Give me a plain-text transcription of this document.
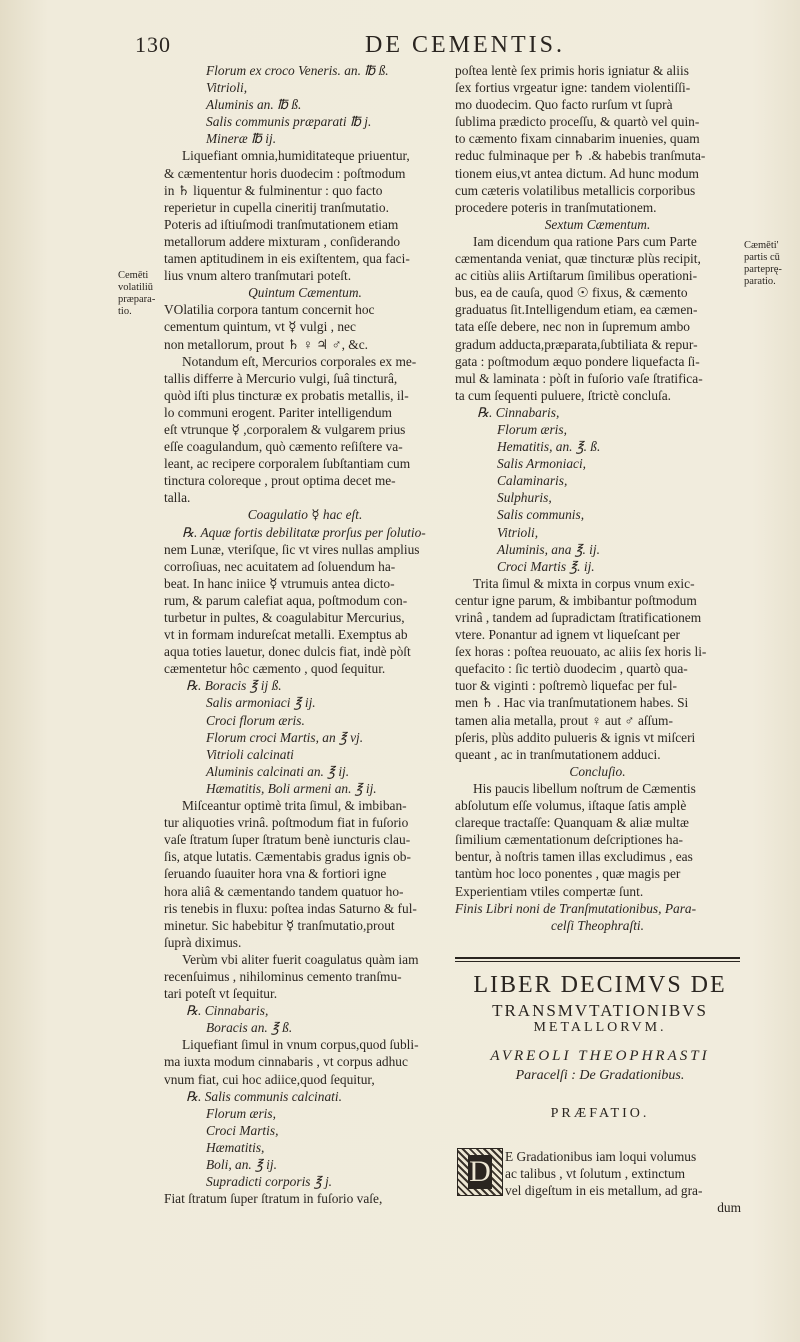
130	DE CEMENTIS.
Cemēti
volatiliū
præpara-
tio.
Cæmēti'
partis cū
parteprę-
paratio.
Florum ex croco Veneris. an. ℔ ß.
Vitrioli,
Aluminis an. ℔ ß.
Salis communis præparati ℔ j.
Mineræ ℔ ij.
Liquefiant omnia,humiditateque priuentur,
& cæmententur horis duodecim : poſtmodum
in ♄ liquentur & fulminentur : quo facto
reperietur in cupella cineritij tranſmutatio.
Poteris ad iſtiuſmodi tranſmutationem etiam
metallorum addere mixturam , conſiderando
tamen aptitudinem in eis exiſtentem, qua faci-
lius vnum altero tranſmutari poteſt.
Quintum Cæmentum.
VOlatilia corpora tantum concernit hoc
cementum quintum, vt ☿ vulgi , nec
non metallorum, prout ♄ ♀ ♃ ♂, &c.
Notandum eſt, Mercurios corporales ex me-
tallis differre à Mercurio vulgi, ſuâ tincturâ,
quòd iſti plus tincturæ ex probatis metallis, il-
lo communi erogent. Pariter intelligendum
eſt vtrunque ☿ ,corporalem & vulgarem prius
eſſe coagulandum, quò cæmento reſiſtere va-
leant, ac recipere corporalem ſubſtantiam cum
tinctura coloreque , prout optima decet me-
talla.
Coagulatio ☿ hac eſt.
℞. Aquæ fortis debilitatæ prorſus per ſolutio-
nem Lunæ, vteriſque, ſic vt vires nullas amplius
corroſiuas, nec acuitatem ad ſoluendum ha-
beat. In hanc iniice ☿ vtrumuis antea dicto-
rum, & parum calefiat aqua, poſtmodum con-
turbetur in pultes, & coagulabitur Mercurius,
vt in formam indureſcat metalli. Exemptus ab
aqua toties lauetur, donec dulcis fiat, indè pòſt
cæmentetur hôc cæmento , quod ſequitur.
℞. Boracis ℥ ij ß.
Salis armoniaci ℥ ij.
Croci florum æris.
Florum croci Martis, an ℥ vj.
Vitrioli calcinati
Aluminis calcinati an. ℥ ij.
Hæmatitis, Boli armeni an. ℥ ij.
Miſceantur optimè trita ſimul, & imbiban-
tur aliquoties vrinâ. poſtmodum fiat in fuſorio
vaſe ſtratum ſuper ſtratum benè iuncturis clau-
ſis, atque lutatis. Cæmentabis gradus ignis ob-
ſeruando ſuauiter hora vna & fortiori igne
hora aliâ & cæmentando tandem quatuor ho-
ris tenebis in fluxu: poſtea indas Saturno & ful-
minetur. Sic habebitur ☿ tranſmutatio,prout
ſuprà diximus.
Verùm vbi aliter fuerit coagulatus quàm iam
recenſuimus , nihilominus cemento tranſmu-
tari poteſt vt ſequitur.
℞. Cinnabaris,
Boracis an. ℥ ß.
Liquefiant ſimul in vnum corpus,quod ſubli-
ma iuxta modum cinnabaris , vt corpus adhuc
vnum fiat, cui hoc adiice,quod ſequitur,
℞. Salis communis calcinati.
Florum æris,
Croci Martis,
Hæmatitis,
Boli, an. ℥ ij.
Supradicti corporis ℥ j.
Fiat ſtratum ſuper ſtratum in fuſorio vaſe,
poſtea lentè ſex primis horis igniatur & aliis
ſex fortius vrgeatur igne: tandem violentiſſi-
mo duodecim. Quo facto rurſum vt ſuprà
ſublima prædicto proceſſu, & quartò vel quin-
to cæmento fixam cinnabarim inuenies, quam
reduc fulminaque per ♄ .& habebis tranſmuta-
tionem eius,vt antea dictum. Ad hunc modum
cum cæteris volatilibus metallicis corporibus
procedere poteris in tranſmutationem.
Sextum Cæmentum.
Iam dicendum qua ratione Pars cum Parte
cæmentanda veniat, quæ tincturæ plùs recipit,
ac citiùs aliis Artiſtarum ſimilibus operationi-
bus, ea de cauſa, quod ☉ fixus, & cæmento
graduatus ſit.Intelligendum etiam, ea cæmen-
tata eſſe debere, nec non in ſupremum ambo
gradum adducta,præparata,ſubtiliata & repur-
gata : poſtmodum æquo pondere liquefacta ſi-
mul & laminata : pòſt in fuſorio vaſe ſtratifica-
ta cum ſequenti puluere, ſtrictè concluſa.
℞. Cinnabaris,
Florum æris,
Hematitis, an. ℥. ß.
Salis Armoniaci,
Calaminaris,
Sulphuris,
Salis communis,
Vitrioli,
Aluminis, ana ℥. ij.
Croci Martis ℥. ij.
Trita ſimul & mixta in corpus vnum exic-
centur igne parum, & imbibantur poſtmodum
vrinâ , tandem ad ſupradictam ſtratificationem
vtere. Ponantur ad ignem vt liqueſcant per
ſex horas : poſtea reuouato, ac aliis ſex horis li-
quefacito : ſic tertiò duodecim , quartò qua-
tuor & viginti : poſtremò liquefac per ful-
men ♄ . Hac via tranſmutationem habes. Si
tamen alia metalla, prout ♀ aut ♂ aſſum-
pſeris, plùs addito pulueris & ignis vt miſceri
queant , ac in tranſmutationem adduci.
Concluſio.
His paucis libellum noſtrum de Cæmentis
abſolutum eſſe volumus, iſtaque ſatis amplè
clareque tractaſſe: Quanquam & aliæ multæ
ſimilium cæmentationum deſcriptiones ha-
bentur, à noſtris tamen illas excludimus , eas
tantùm hoc loco ponentes , quæ magis per
Experientiam vtiles compertæ ſunt.
Finis Libri noni de Tranſmutationibus, Para-
celſi Theophraſti.
LIBER DECIMVS DE
TRANSMVTATIONIBVS
METALLORVM.
AVREOLI THEOPHRASTI
Paracelſi : De Gradationibus.
PRÆFATIO.
D E Gradationibus iam loqui volumus
ac talibus , vt ſolutum , extinctum
vel digeſtum in eis metallum, ad gra-
dum
